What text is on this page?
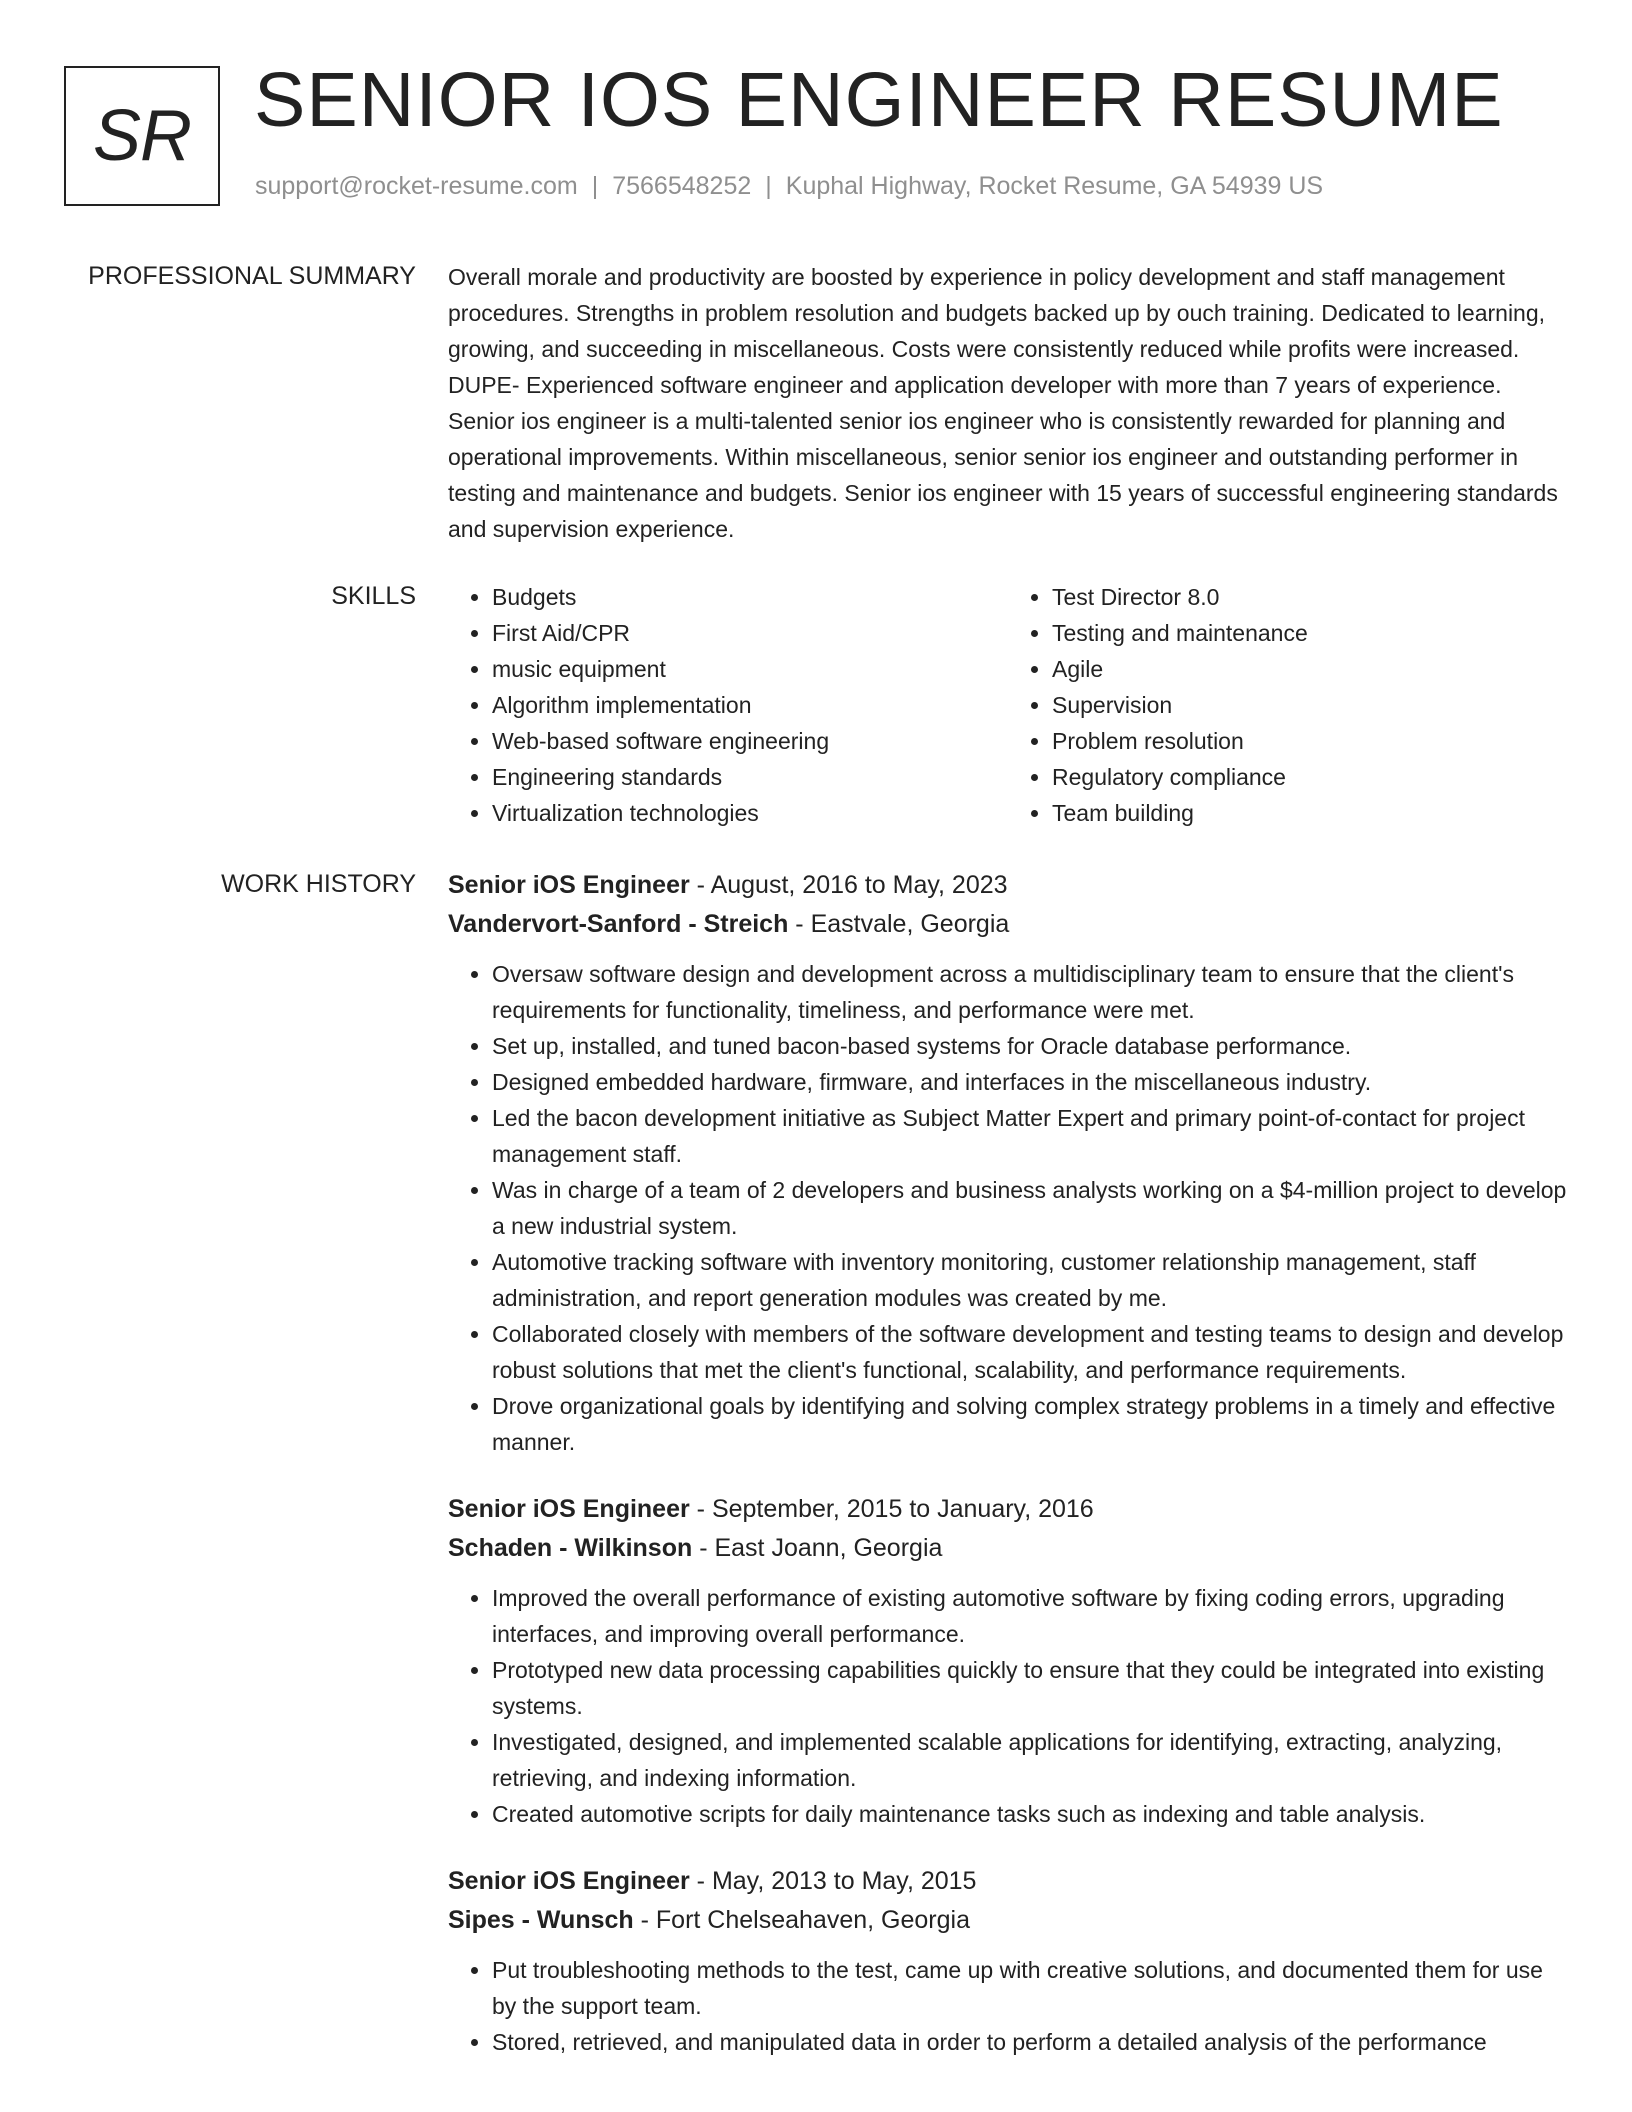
SR SENIOR IOS ENGINEER RESUME
support@rocket-resume.com | 7566548252 | Kuphal Highway, Rocket Resume, GA 54939 US
PROFESSIONAL SUMMARY Overall morale and productivity are boosted by experience in policy development and staff management procedures. Strengths in problem resolution and budgets backed up by ouch training. Dedicated to learning, growing, and succeeding in miscellaneous. Costs were consistently reduced while profits were increased. DUPE- Experienced software engineer and application developer with more than 7 years of experience. Senior ios engineer is a multi-talented senior ios engineer who is consistently rewarded for planning and operational improvements. Within miscellaneous, senior senior ios engineer and outstanding performer in testing and maintenance and budgets. Senior ios engineer with 15 years of successful engineering standards and supervision experience.

SKILLS
•	Budgets
• First Aid/CPR
• music equipment
• Algorithm implementation
• Web-based software engineering
• Engineering standards
• Virtualization technologies
• Test Director 8.0
• Testing and maintenance
• Agile
• Supervision
• Problem resolution
• Regulatory compliance
• Team building
WORK HISTORY Senior iOS Engineer - August, 2016 to May, 2023
Vandervort-Sanford - Streich - Eastvale, Georgia
• Oversaw software design and development across a multidisciplinary team to ensure that the client's requirements for functionality, timeliness, and performance were met.
• Set up, installed, and tuned bacon-based systems for Oracle database performance.
• Designed embedded hardware, firmware, and interfaces in the miscellaneous industry.
• Led the bacon development initiative as Subject Matter Expert and primary point-of-contact for project management staff.
• Was in charge of a team of 2 developers and business analysts working on a $4-million project to develop a new industrial system.
• Automotive tracking software with inventory monitoring, customer relationship management, staff administration, and report generation modules was created by me.
• Collaborated closely with members of the software development and testing teams to design and develop robust solutions that met the client's functional, scalability, and performance requirements.
• Drove organizational goals by identifying and solving complex strategy problems in a timely and effective manner.
Senior iOS Engineer - September, 2015 to January, 2016
Schaden - Wilkinson - East Joann, Georgia
• Improved the overall performance of existing automotive software by fixing coding errors, upgrading interfaces, and improving overall performance.
• Prototyped new data processing capabilities quickly to ensure that they could be integrated into existing systems.
• Investigated, designed, and implemented scalable applications for identifying, extracting, analyzing, retrieving, and indexing information.
• Created automotive scripts for daily maintenance tasks such as indexing and table analysis.
Senior iOS Engineer - May, 2013 to May, 2015
Sipes - Wunsch - Fort Chelseahaven, Georgia
• Put troubleshooting methods to the test, came up with creative solutions, and documented them for use by the support team.
• Stored, retrieved, and manipulated data in order to perform a detailed analysis of the performance
